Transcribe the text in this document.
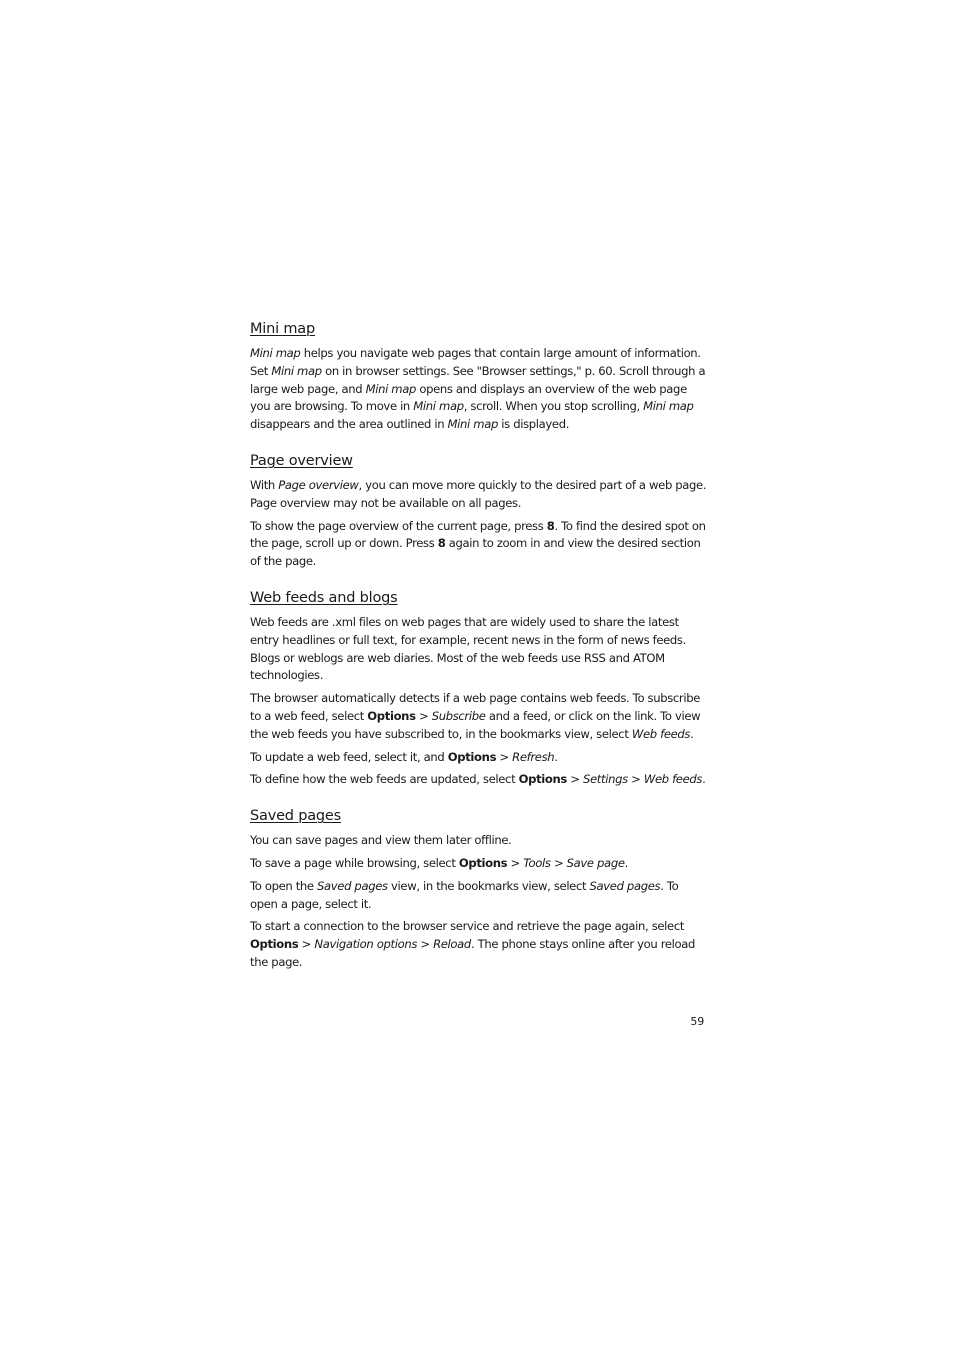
Mini map

Mini map helps you navigate web pages that contain large amount of information. Set Mini map on in browser settings. See "Browser settings," p. 60. Scroll through a large web page, and Mini map opens and displays an overview of the web page you are browsing. To move in Mini map, scroll. When you stop scrolling, Mini map disappears and the area outlined in Mini map is displayed.

Page overview

With Page overview, you can move more quickly to the desired part of a web page. Page overview may not be available on all pages.

To show the page overview of the current page, press 8. To find the desired spot on the page, scroll up or down. Press 8 again to zoom in and view the desired section of the page.

Web feeds and blogs

Web feeds are .xml files on web pages that are widely used to share the latest entry headlines or full text, for example, recent news in the form of news feeds. Blogs or weblogs are web diaries. Most of the web feeds use RSS and ATOM technologies.

The browser automatically detects if a web page contains web feeds. To subscribe to a web feed, select Options > Subscribe and a feed, or click on the link. To view the web feeds you have subscribed to, in the bookmarks view, select Web feeds.

To update a web feed, select it, and Options > Refresh.

To define how the web feeds are updated, select Options > Settings > Web feeds.

Saved pages

You can save pages and view them later offline.

To save a page while browsing, select Options > Tools > Save page.

To open the Saved pages view, in the bookmarks view, select Saved pages. To open a page, select it.

To start a connection to the browser service and retrieve the page again, select Options > Navigation options > Reload. The phone stays online after you reload the page.

59
